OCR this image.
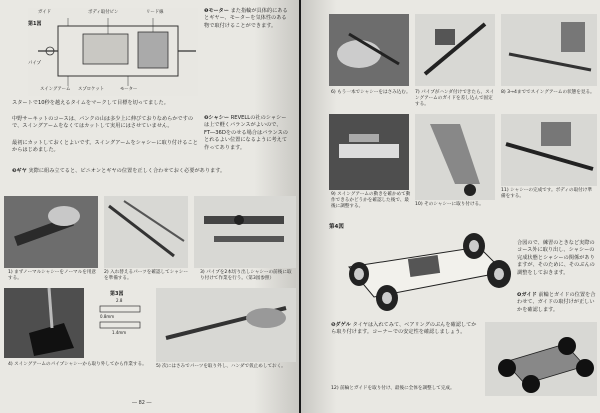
第1図
ガイド	ボディ取付ピン	リード線
スイングアーム
パイプ
スプロケット	モーター
❶モーター また指輪が具体的にあるとギヤー、モーターを気体性のある物で取付けることができます。
スタートで10秒を越えるタイムをマークして目標を切ってました。
中野サーキットのコースは、バンクの山は多少上に伸びておりなめらかですので、スイングアームをなくてはカットして実用にはさせていません。
最初にカットしておくとよいです。スイングアームをシャシーに取り付けることからはじめました。
❷シャシー REVELLの社のシャシーは上で軽くバランスがよいので、FT―36Dをのせる場合はバランスのとれるよい位置になるように考えて作ってあります。
❸ギヤ 実際に組み立てると、ピニオンとギヤの位置を正しく合わせておく必要があります。
1) まずノーマルシャシーをノーマルを用意する。
2) 入れ替えるパーツを確認してシャシーを準備する。
3) パイプを2本切り出しシャシーの前後に取り付けて作業を行う。（第3図参照）
第3図
2.8
0.8mm
1.4mm
4) スイングアームのパイプシャシーから取り外してから作業する。 5) 次にはさみでパーツを取り外し、ハンダで仮止めしておく。
― 82 ―
6) もう一本でシャシーをはさみ込む。 7) パイプがハンダ付けできたら、スイングアームのガイドを差し込んで固定する。
8) 3→4まででスイングアームの状態を見る。
9) スイングアームの動きを確かめて動作できるかどうかを確認した後で、最後に調整する。	10) そのシャシーに取り付ける。
11) シャシーの完成です。ボディの取付け準備をする。
第4図
合図ので、練習のときなど実際のコース外に取り出し、シャシーの完成状態とシャシーの関係がありますが、そのために、そのぶんの調整をしておきます。
❹ガイド 前輪とガイドの位置を合わせて、ガイドの取付けが正しいかを確認します。
❺ダゲル タイヤは入れてみて、ベアリングのぶんを確認してから取り付けます。コーナーでの安定性を確認しましょう。
12) 前輪とガイドを取り付け、最後に全体を調整して完成。
